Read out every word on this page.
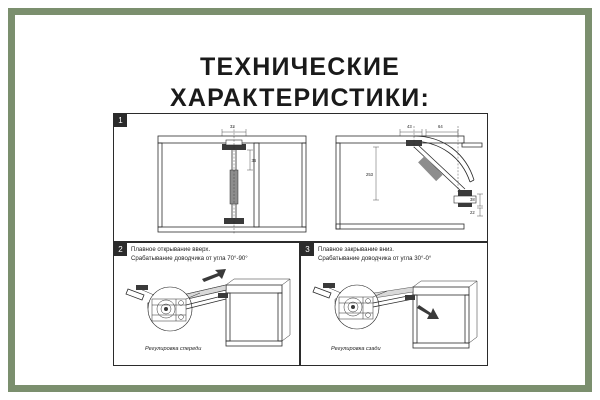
ТЕХНИЧЕСКИЕ
ХАРАКТЕРИСТИКИ:
1
32
36
43	64
253
38
22
2	Плавное открывание вверх.
Срабатывание доводчика от угла 70°-90°
Регулировка спереди
3	Плавное закрывание вниз.
Срабатывание доводчика от угла 30°-0°
Регулировка сзади
